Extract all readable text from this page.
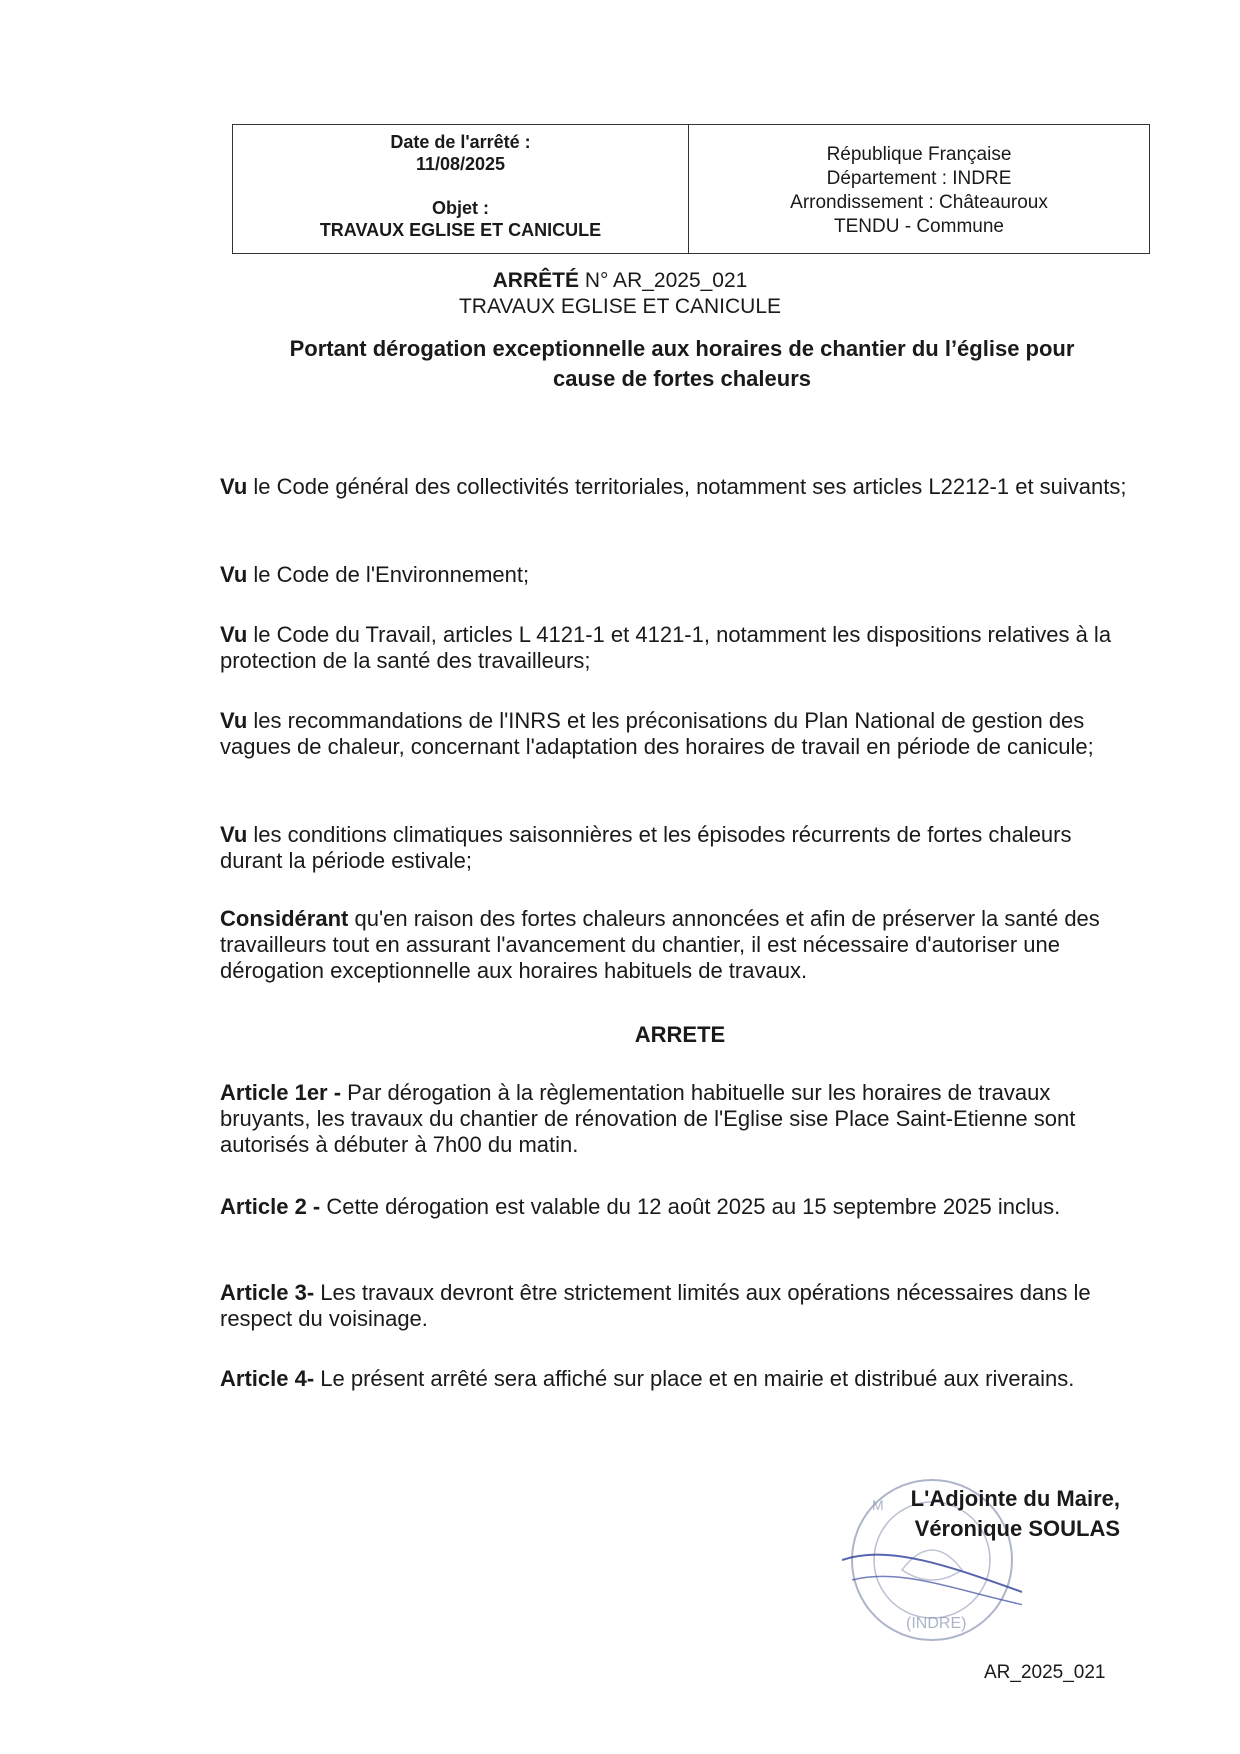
Date de l'arrêté :
11/08/2025
Objet :
TRAVAUX EGLISE ET CANICULE
République Française
Département : INDRE
Arrondissement : Châteauroux
TENDU - Commune
ARRÊTÉ N° AR_2025_021
TRAVAUX EGLISE ET CANICULE
Portant dérogation exceptionnelle aux horaires de chantier du l’église pour
cause de fortes chaleurs
Vu le Code général des collectivités territoriales, notamment ses articles L2212-1 et suivants;
Vu le Code de l'Environnement;
Vu le Code du Travail, articles L 4121-1 et 4121-1, notamment les dispositions relatives à la protection de la santé des travailleurs;
Vu les recommandations de l'INRS et les préconisations du Plan National de gestion des vagues de chaleur, concernant l'adaptation des horaires de travail en période de canicule;
Vu les conditions climatiques saisonnières et les épisodes récurrents de fortes chaleurs durant la période estivale;
Considérant qu'en raison des fortes chaleurs annoncées et afin de préserver la santé des travailleurs tout en assurant l'avancement du chantier, il est nécessaire d'autoriser une dérogation exceptionnelle aux horaires habituels de travaux.
ARRETE
Article 1er - Par dérogation à la règlementation habituelle sur les horaires de travaux bruyants, les travaux du chantier de rénovation de l'Eglise sise Place Saint-Etienne sont autorisés à débuter à 7h00 du matin.
Article 2 - Cette dérogation est valable du 12 août 2025 au 15 septembre 2025 inclus.
Article 3- Les travaux devront être strictement limités aux opérations nécessaires dans le respect du voisinage.
Article 4- Le présent arrêté sera affiché sur place et en mairie et distribué aux riverains.
M
(INDRE)
L'Adjointe du Maire,
Véronique SOULAS
AR_2025_021
